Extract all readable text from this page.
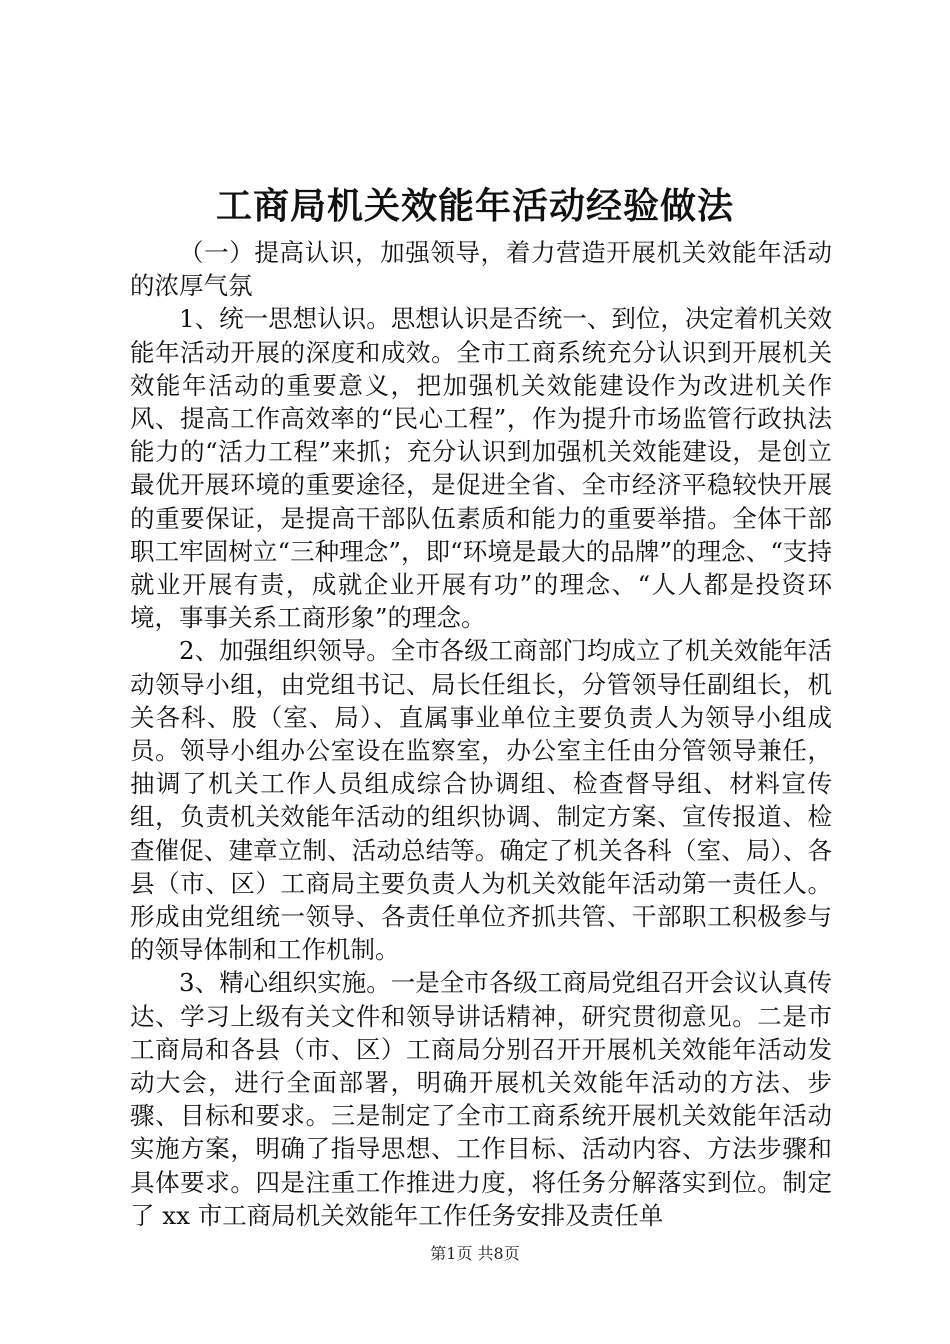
工商局机关效能年活动经验做法

（一）提高认识，加强领导，着力营造开展机关效能年活动的浓厚气氛

1、统一思想认识。思想认识是否统一、到位，决定着机关效能年活动开展的深度和成效。全市工商系统充分认识到开展机关效能年活动的重要意义，把加强机关效能建设作为改进机关作风、提高工作高效率的“民心工程”，作为提升市场监管行政执法能力的“活力工程”来抓；充分认识到加强机关效能建设，是创立最优开展环境的重要途径，是促进全省、全市经济平稳较快开展的重要保证，是提高干部队伍素质和能力的重要举措。全体干部职工牢固树立“三种理念”，即“环境是最大的品牌”的理念、“支持就业开展有责，成就企业开展有功”的理念、“人人都是投资环境，事事关系工商形象”的理念。

2、加强组织领导。全市各级工商部门均成立了机关效能年活动领导小组，由党组书记、局长任组长，分管领导任副组长，机关各科、股（室、局）、直属事业单位主要负责人为领导小组成员。领导小组办公室设在监察室，办公室主任由分管领导兼任，抽调了机关工作人员组成综合协调组、检查督导组、材料宣传组，负责机关效能年活动的组织协调、制定方案、宣传报道、检查催促、建章立制、活动总结等。确定了机关各科（室、局）、各县（市、区）工商局主要负责人为机关效能年活动第一责任人。形成由党组统一领导、各责任单位齐抓共管、干部职工积极参与的领导体制和工作机制。

3、精心组织实施。一是全市各级工商局党组召开会议认真传达、学习上级有关文件和领导讲话精神，研究贯彻意见。二是市工商局和各县（市、区）工商局分别召开开展机关效能年活动发动大会，进行全面部署，明确开展机关效能年活动的方法、步骤、目标和要求。三是制定了全市工商系统开展机关效能年活动实施方案，明确了指导思想、工作目标、活动内容、方法步骤和具体要求。四是注重工作推进力度，将任务分解落实到位。制定了 xx 市工商局机关效能年工作任务安排及责任单

第1页 共8页
